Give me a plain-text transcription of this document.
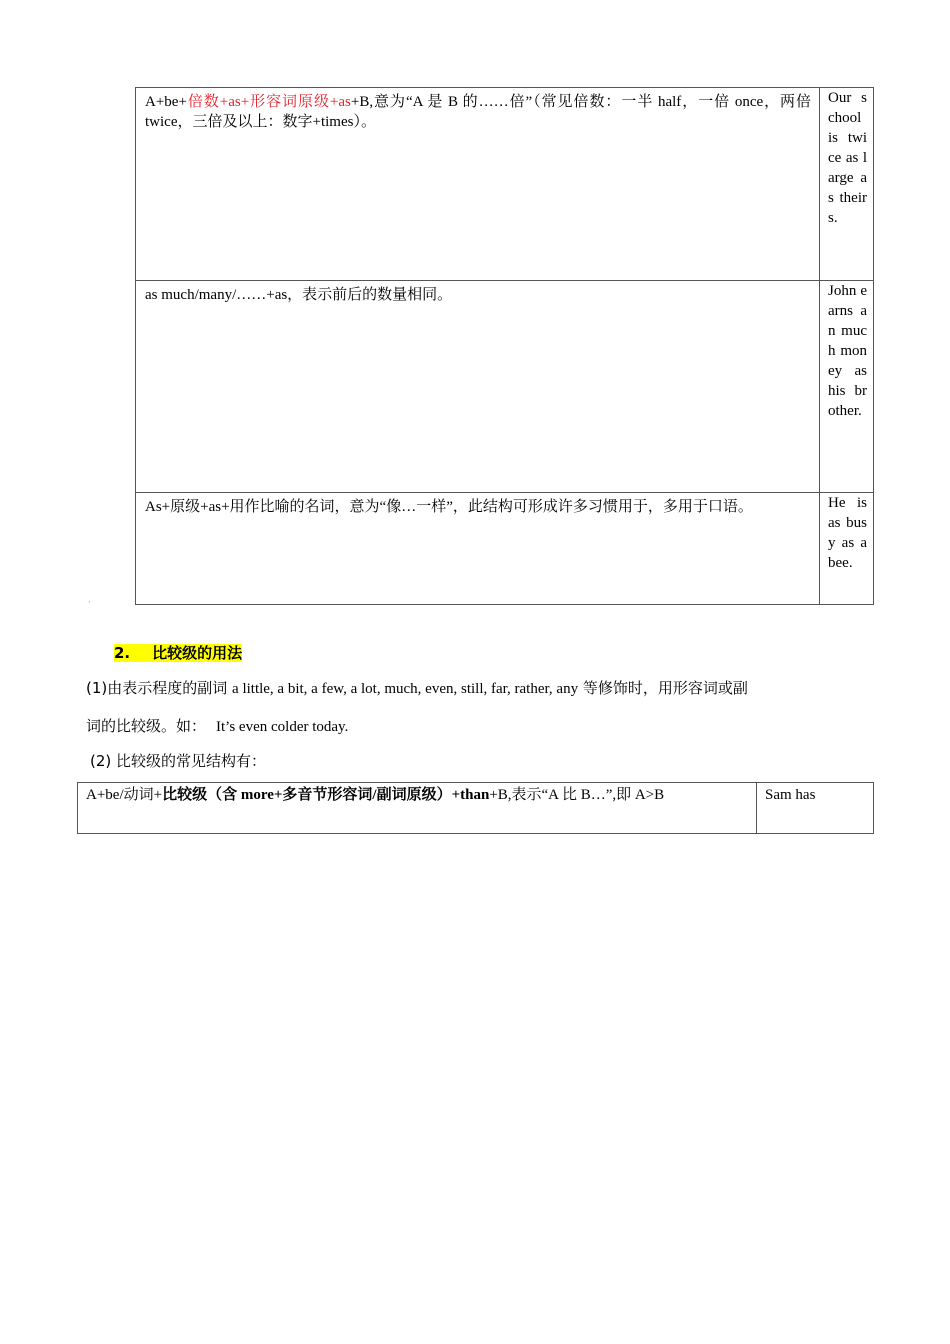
A+be+倍数+as+形容词原级+as+B,意为“A 是 B 的……倍”（常见倍数：一半 half，一倍 once，两倍 twice，三倍及以上：数字+times）。	Our school is twice as large as theirs.
as much/many/……+as，表示前后的数量相同。	John earns an much money as his brother.
As+原级+as+用作比喻的名词，意为“像…一样”，此结构可形成许多习惯用于，多用于口语。	He is as busy as a bee.
·
2. 比较级的用法
(1)由表示程度的副词 a little, a bit, a few, a lot, much, even, still, far, rather, any 等修饰时，用形容词或副
词的比较级。如： It’s even colder today.
(2) 比较级的常见结构有：
A+be/动词+比较级（含 more+多音节形容词/副词原级）+than+B,表示“A 比 B…”,即 A>B	Sam has
